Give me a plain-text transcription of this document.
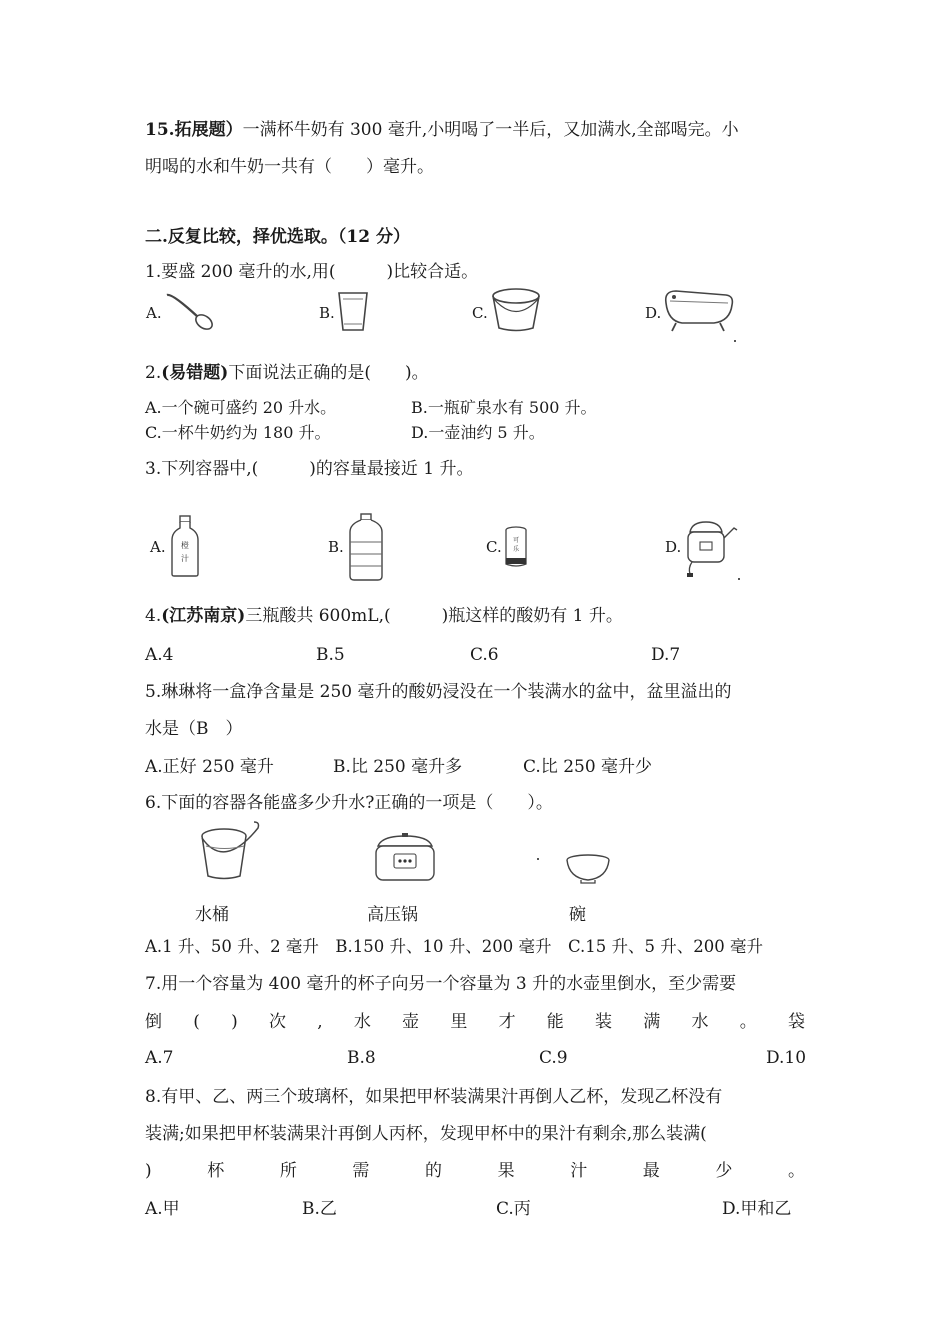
15.拓展题）一满杯牛奶有 300 毫升,小明喝了一半后，又加满水,全部喝完。小
明喝的水和牛奶一共有（　　）毫升。
二.反复比较，择优选取。（12 分）
1.要盛 200 毫升的水,用(　　　)比较合适。
A.	B.	C.	D.
2.(易错题)下面说法正确的是(　　)。
A.一个碗可盛约 20 升水。	B.一瓶矿泉水有 500 升。
C.一杯牛奶约为 180 升。	D.一壶油约 5 升。
3.下列容器中,(　　　)的容量最接近 1 升。
A. 橙
汁
B.	C. 可
乐	D.
4.(江苏南京)三瓶酸共 600mL,(　　　)瓶这样的酸奶有 1 升。
A.4	B.5	C.6	D.7
5.琳琳将一盒净含量是 250 毫升的酸奶浸没在一个装满水的盆中，盆里溢出的
水是（B　）
A.正好 250 毫升	B.比 250 毫升多	C.比 250 毫升少
6.下面的容器各能盛多少升水?正确的一项是（　　）。
水桶	高压锅	碗
A.1 升、50 升、2 毫升　B.150 升、10 升、200 毫升　C.15 升、5 升、200 毫升
7.用一个容量为 400 毫升的杯子向另一个容量为 3 升的水壶里倒水，至少需要
倒 ( ) 次 , 水 壶 里 才 能 装 满 水 。 袋
A.7	B.8	C.9	D.10
8.有甲、乙、两三个玻璃杯，如果把甲杯装满果汁再倒人乙杯，发现乙杯没有
装满;如果把甲杯装满果汁再倒人丙杯，发现甲杯中的果汁有剩余,那么装满(
)	杯	所	需	的	果	汁	最	少	。
A.甲	B.乙	C.丙	D.甲和乙
